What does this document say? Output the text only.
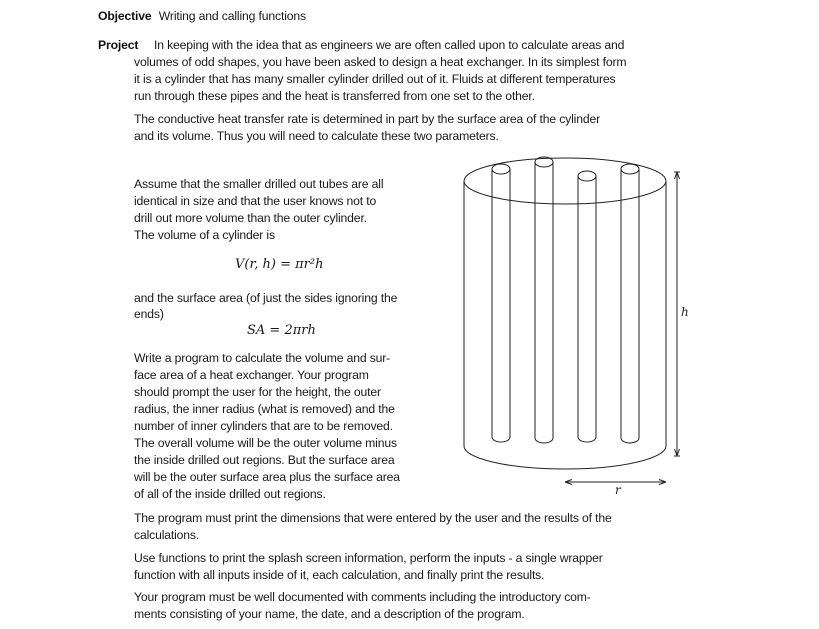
Objective Writing and calling functions
Project In keeping with the idea that as engineers we are often called upon to calculate areas and
volumes of odd shapes, you have been asked to design a heat exchanger. In its simplest form
it is a cylinder that has many smaller cylinder drilled out of it. Fluids at different temperatures
run through these pipes and the heat is transferred from one set to the other.
The conductive heat transfer rate is determined in part by the surface area of the cylinder
and its volume. Thus you will need to calculate these two parameters.
Assume that the smaller drilled out tubes are all
identical in size and that the user knows not to
drill out more volume than the outer cylinder.
The volume of a cylinder is
V(r, h) = πr²h
and the surface area (of just the sides ignoring the
ends)
SA = 2πrh
Write a program to calculate the volume and sur-
face area of a heat exchanger. Your program
should prompt the user for the height, the outer
radius, the inner radius (what is removed) and the
number of inner cylinders that are to be removed.
The overall volume will be the outer volume minus
the inside drilled out regions. But the surface area
will be the outer surface area plus the surface area
of all of the inside drilled out regions.
The program must print the dimensions that were entered by the user and the results of the
calculations.
Use functions to print the splash screen information, perform the inputs - a single wrapper
function with all inputs inside of it, each calculation, and finally print the results.
Your program must be well documented with comments including the introductory com-
ments consisting of your name, the date, and a description of the program.
h
r
